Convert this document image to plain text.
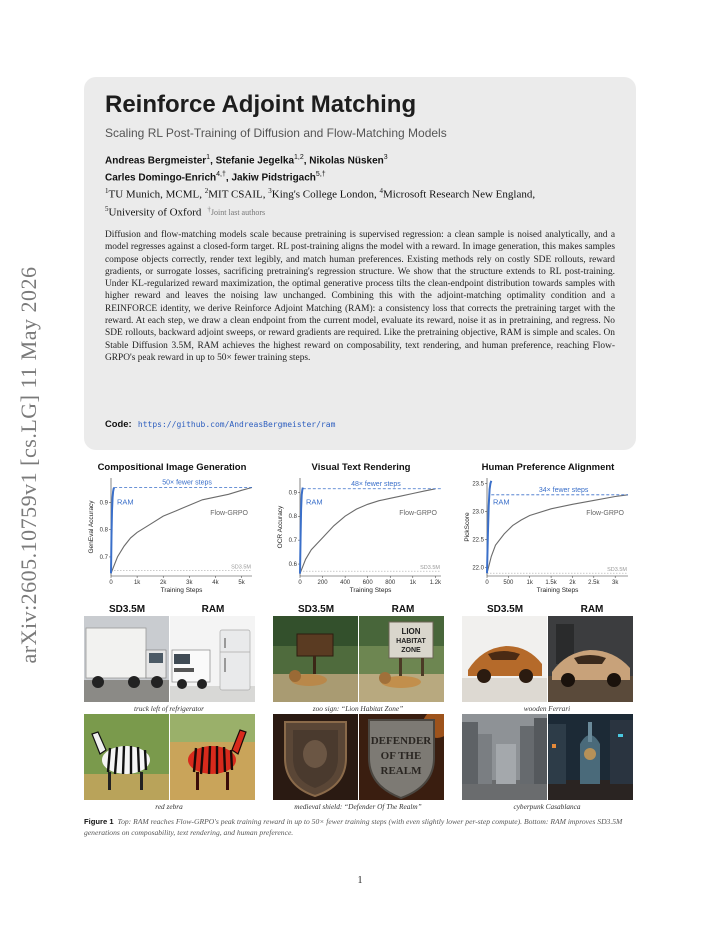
arXiv:2605.10759v1 [cs.LG] 11 May 2026
Reinforce Adjoint Matching
Scaling RL Post-Training of Diffusion and Flow-Matching Models
Andreas Bergmeister$^1$, Stefanie Jegelka$^{1,2}$, Nikolas Nüsken$^3$
Carles Domingo-Enrich$^{4,\dagger}$, Jakiw Pidstrigach$^{5,\dagger}$
$^1$TU Munich, MCML, $^2$MIT CSAIL, $^3$King's College London, $^4$Microsoft Research New England,
$^5$University of Oxford †Joint last authors

Diffusion and flow-matching models scale because pretraining is supervised regression: a clean sample is noised analytically, and a model regresses against a closed-form target. RL post-training aligns the model with a reward. In image generation, this makes samples compose objects correctly, render text legibly, and match human preferences. Existing methods rely on costly SDE rollouts, reward gradients, or surrogate losses, sacrificing pretraining's regression structure. We show that the structure extends to RL post-training. Under KL-regularized reward maximization, the optimal generative process tilts the clean-endpoint distribution towards samples with higher reward and leaves the noising law unchanged. Combining this with the adjoint-matching optimality condition and a REINFORCE identity, we derive Reinforce Adjoint Matching (RAM): a consistency loss that corrects the pretraining target with the reward. At each step, we draw a clean endpoint from the current model, evaluate its reward, noise it as in pretraining, and regress. No SDE rollouts, backward adjoint sweeps, or reward gradients are required. Like the pretraining objective, RAM is simple and scales. On Stable Diffusion 3.5M, RAM achieves the highest reward on composability, text rendering, and human preference, reaching Flow-GRPO's peak reward in up to 50× fewer training steps.

Code: https://github.com/AndreasBergmeister/ram
Compositional Image Generation
0	1k	2k	3k	4k	5k
0.7
0.8
0.9
Training Steps
GenEval Accuracy
SD3.5M
50× fewer steps
RAM
Flow-GRPO
Visual Text Rendering
0	200 400 600 800 1k 1.2k
0.6
0.7
0.8
0.9
Training Steps
OCR Accuracy
SD3.5M
48× fewer steps
RAM
Flow-GRPO
Human Preference Alignment
0 500 1k 1.5k 2k 2.5k 3k
22.0
22.5
23.0
23.5
Training Steps
PickScore
SD3.5M
34× fewer steps
RAM
Flow-GRPO
SD3.5M	RAM	SD3.5M	RAM	SD3.5M	RAM
LION
HABITAT
ZONE
truck left of refrigerator	zoo sign: “Lion Habitat Zone”	wooden Ferrari
DEFENDER
OF THE
REALM
red zebra	medieval shield: “Defender Of The Realm”	cyberpunk Casablanca

Figure 1 Top: RAM reaches Flow-GRPO's peak training reward in up to 50× fewer training steps (with even slightly lower per-step compute). Bottom: RAM improves SD3.5M generations on composability, text rendering, and human preference.

1
